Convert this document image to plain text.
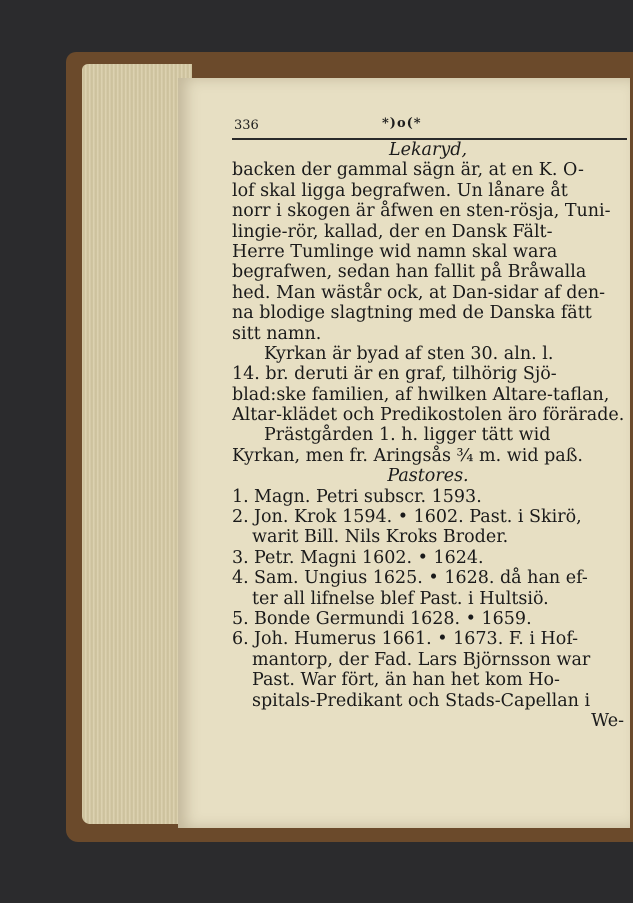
336	*)o(*
Lekaryd,
backen der gammal sägn är, at en K. O-
lof skal ligga begrafwen. Un lånare åt
norr i skogen är åfwen en sten-rösja, Tuni-
lingie-rör, kallad, der en Dansk Fält-
Herre Tumlinge wid namn skal wara
begrafwen, sedan han fallit på Bråwalla
hed. Man wästår ock, at Dan-sidar af den-
na blodige slagtning med de Danska fätt
sitt namn.
Kyrkan är byad af sten 30. aln. l.
14. br. deruti är en graf, tilhörig Sjö-
blad:ske familien, af hwilken Altare-taflan,
Altar-klädet och Predikostolen äro förärade.
Prästgården 1. h. ligger tätt wid
Kyrkan, men fr. Aringsås ¾ m. wid paß.
Pastores.
1. Magn. Petri subscr. 1593.
2. Jon. Krok 1594. • 1602. Past. i Skirö,
warit Bill. Nils Kroks Broder.
3. Petr. Magni 1602. • 1624.
4. Sam. Ungius 1625. • 1628. då han ef-
ter all lifnelse blef Past. i Hultsiö.
5. Bonde Germundi 1628. • 1659.
6. Joh. Humerus 1661. • 1673. F. i Hof-
mantorp, der Fad. Lars Björnsson war
Past. War fört, än han het kom Ho-
spitals-Predikant och Stads-Capellan i
We-
